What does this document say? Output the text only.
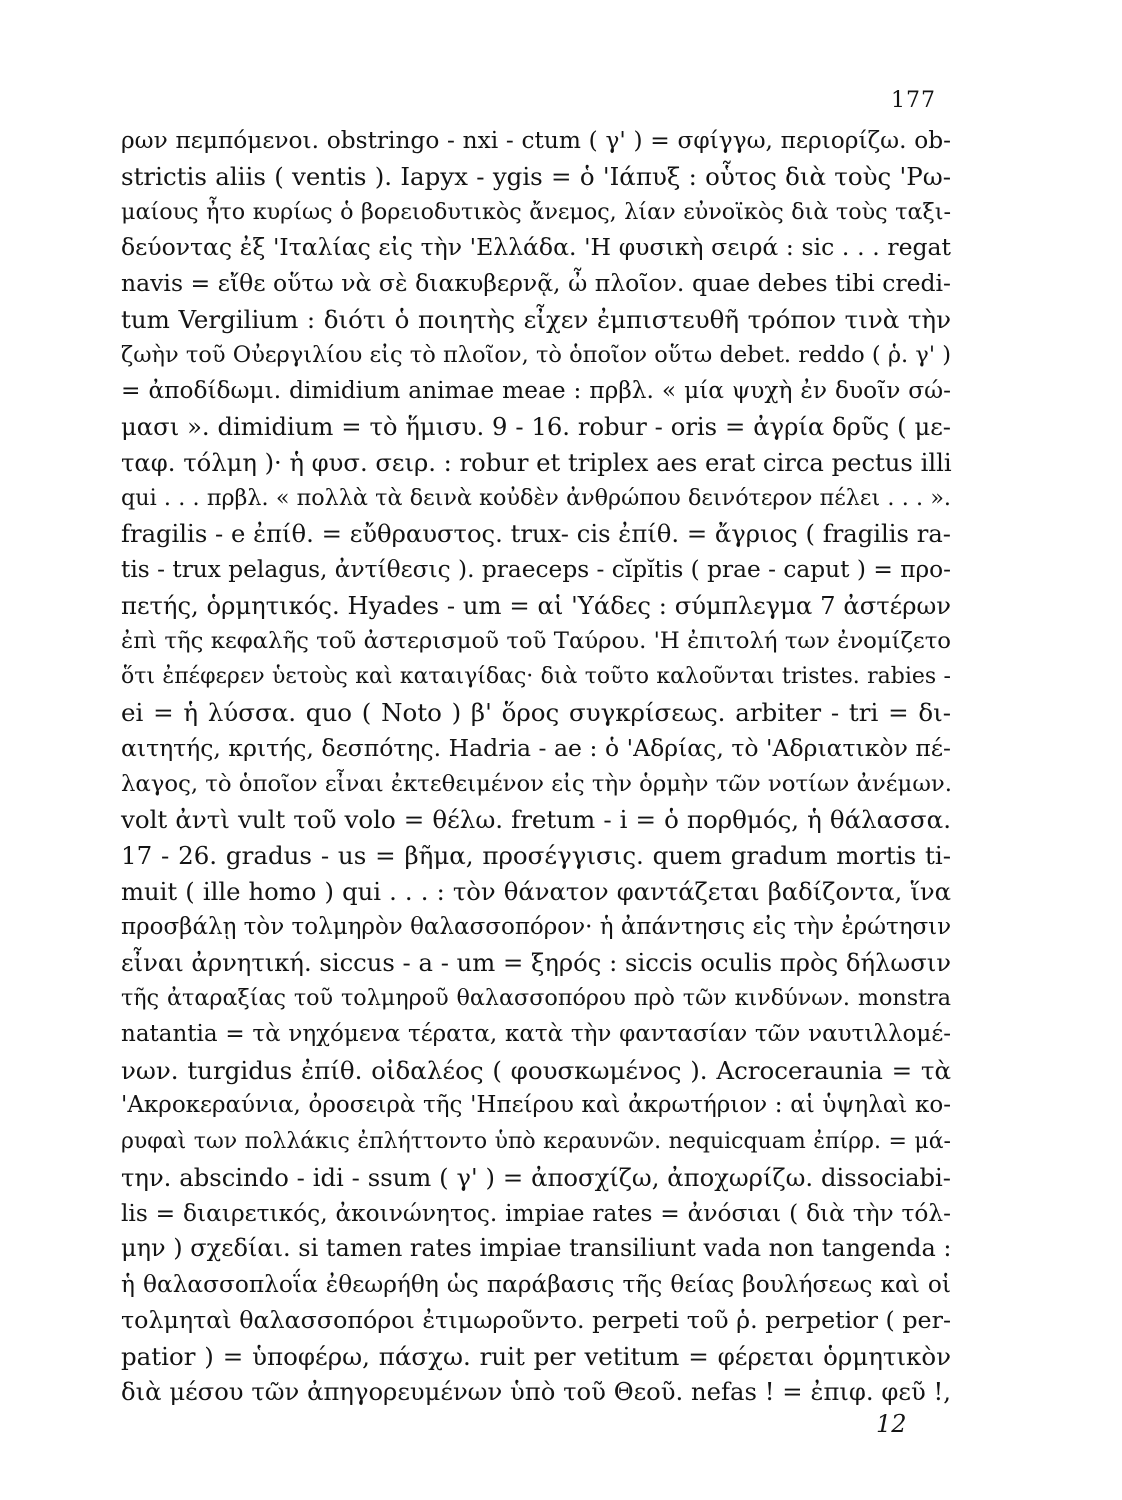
177
ρων πεμπόμενοι. obstringo - nxi - ctum ( γ' ) = σφίγγω, περιορίζω. ob-
strictis aliis ( ventis ). Iapyx - ygis = ὁ 'Ιάπυξ : οὗτος διὰ τοὺς 'Ρω-
μαίους ἦτο κυρίως ὁ βορειοδυτικὸς ἄνεμος, λίαν εὐνοϊκὸς διὰ τοὺς ταξι-
δεύοντας ἐξ 'Ιταλίας εἰς τὴν 'Ελλάδα. 'Η φυσικὴ σειρά : sic . . . regat
navis = εἴθε οὕτω νὰ σὲ διακυβερνᾷ, ὦ πλοῖον. quae debes tibi credi-
tum Vergilium : διότι ὁ ποιητὴς εἶχεν ἐμπιστευθῆ τρόπον τινὰ τὴν
ζωὴν τοῦ Οὐεργιλίου εἰς τὸ πλοῖον, τὸ ὁποῖον οὕτω debet. reddo ( ῥ. γ' )
= ἀποδίδωμι. dimidium animae meae : πρβλ. « μία ψυχὴ ἐν δυοῖν σώ-
μασι ». dimidium = τὸ ἥμισυ. 9 - 16. robur - oris = ἀγρία δρῦς ( με-
ταφ. τόλμη )· ἡ φυσ. σειρ. : robur et triplex aes erat circa pectus illi
qui . . . πρβλ. « πολλὰ τὰ δεινὰ κοὐδὲν ἀνθρώπου δεινότερον πέλει . . . ».
fragilis - e ἐπίθ. = εὔθραυστος. trux- cis ἐπίθ. = ἄγριος ( fragilis ra-
tis - trux pelagus, ἀντίθεσις ). praeceps - cĭpĭtis ( prae - caput ) = προ-
πετής, ὁρμητικός. Hyades - um = αἱ 'Υάδες : σύμπλεγμα 7 ἀστέρων
ἐπὶ τῆς κεφαλῆς τοῦ ἀστερισμοῦ τοῦ Ταύρου. 'Η ἐπιτολή των ἐνομίζετο
ὅτι ἐπέφερεν ὑετοὺς καὶ καταιγίδας· διὰ τοῦτο καλοῦνται tristes. rabies -
ei = ἡ λύσσα. quo ( Noto ) β' ὅρος συγκρίσεως. arbiter - tri = δι-
αιτητής, κριτής, δεσπότης. Hadria - ae : ὁ 'Αδρίας, τὸ 'Αδριατικὸν πέ-
λαγος, τὸ ὁποῖον εἶναι ἐκτεθειμένον εἰς τὴν ὁρμὴν τῶν νοτίων ἀνέμων.
volt ἀντὶ vult τοῦ volo = θέλω. fretum - i = ὁ πορθμός, ἡ θάλασσα.
17 - 26. gradus - us = βῆμα, προσέγγισις. quem gradum mortis ti-
muit ( ille homo ) qui . . . : τὸν θάνατον φαντάζεται βαδίζοντα, ἵνα
προσβάλῃ τὸν τολμηρὸν θαλασσοπόρον· ἡ ἀπάντησις εἰς τὴν ἐρώτησιν
εἶναι ἀρνητική. siccus - a - um = ξηρός : siccis oculis πρὸς δήλωσιν
τῆς ἀταραξίας τοῦ τολμηροῦ θαλασσοπόρου πρὸ τῶν κινδύνων. monstra
natantia = τὰ νηχόμενα τέρατα, κατὰ τὴν φαντασίαν τῶν ναυτιλλομέ-
νων. turgidus ἐπίθ. οἰδαλέος ( φουσκωμένος ). Acroceraunia = τὰ
'Ακροκεραύνια, ὀροσειρὰ τῆς 'Ηπείρου καὶ ἀκρωτήριον : αἱ ὑψηλαὶ κο-
ρυφαὶ των πολλάκις ἐπλήττοντο ὑπὸ κεραυνῶν. nequicquam ἐπίρρ. = μά-
την. abscindo - idi - ssum ( γ' ) = ἀποσχίζω, ἀποχωρίζω. dissociabi-
lis = διαιρετικός, ἀκοινώνητος. impiae rates = ἀνόσιαι ( διὰ τὴν τόλ-
μην ) σχεδίαι. si tamen rates impiae transiliunt vada non tangenda :
ἡ θαλασσοπλοΐα ἐθεωρήθη ὡς παράβασις τῆς θείας βουλήσεως καὶ οἱ
τολμηταὶ θαλασσοπόροι ἐτιμωροῦντο. perpeti τοῦ ῥ. perpetior ( per-
patior ) = ὑποφέρω, πάσχω. ruit per vetitum = φέρεται ὁρμητικὸν
διὰ μέσου τῶν ἀπηγορευμένων ὑπὸ τοῦ Θεοῦ. nefas ! = ἐπιφ. φεῦ !,
12
